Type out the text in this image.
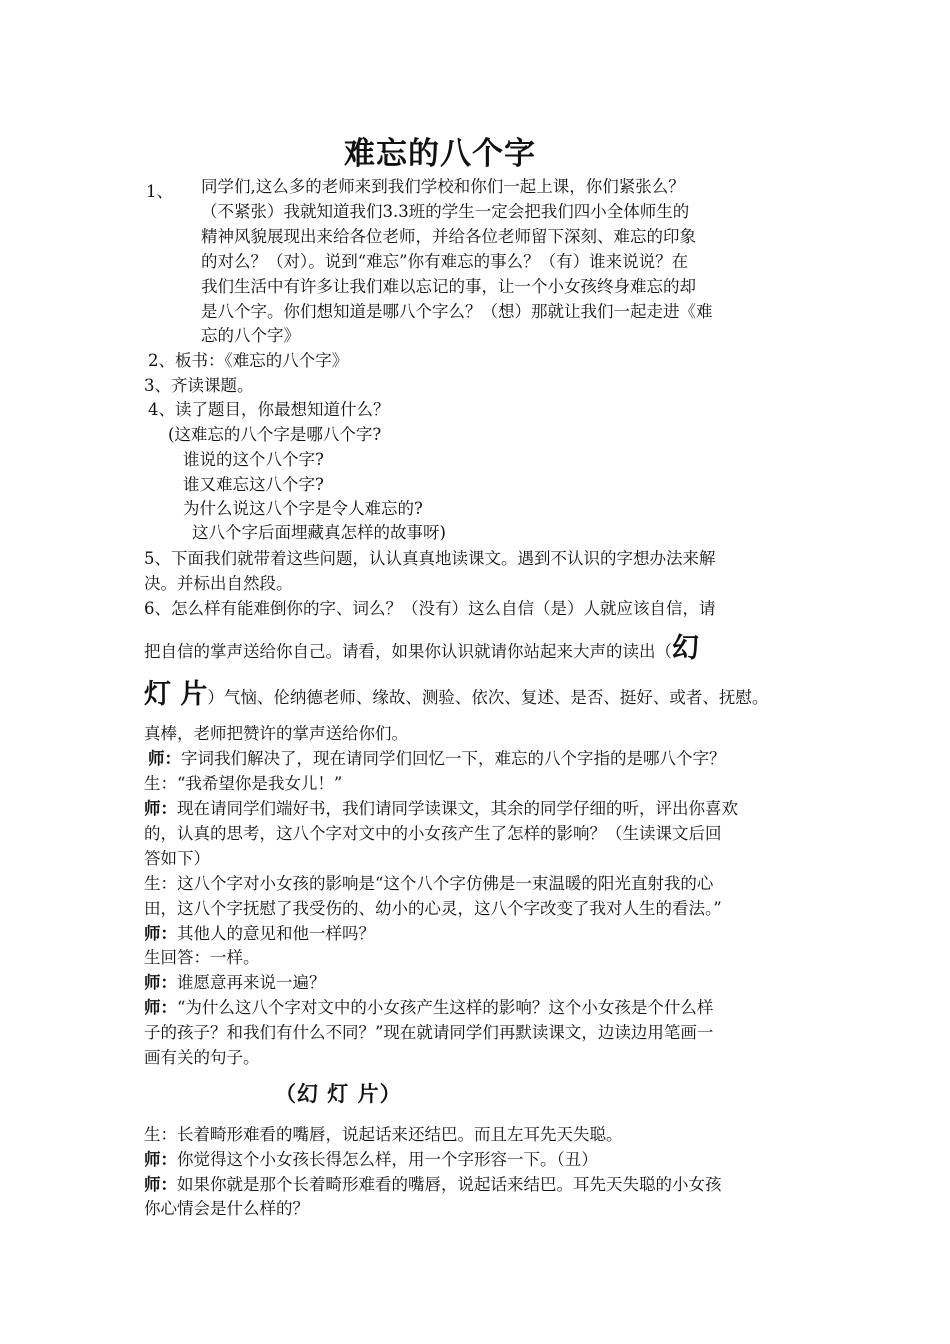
难忘的八个字
1、 同学们,这么多的老师来到我们学校和你们一起上课，你们紧张么？
（不紧张）我就知道我们3.3班的学生一定会把我们四小全体师生的
精神风貌展现出来给各位老师，并给各位老师留下深刻、难忘的印象
的对么？（对）。说到“难忘”你有难忘的事么？（有）谁来说说？在
我们生活中有许多让我们难以忘记的事，让一个小女孩终身难忘的却
是八个字。你们想知道是哪八个字么？（想）那就让我们一起走进《难
忘的八个字》
2、板书：《难忘的八个字》
3、齐读课题。
4、读了题目，你最想知道什么？
(这难忘的八个字是哪八个字?
谁说的这个八个字?
谁又难忘这八个字?
为什么说这八个字是令人难忘的?
这八个字后面埋藏真怎样的故事呀)
5、下面我们就带着这些问题，认认真真地读课文。遇到不认识的字想办法来解
决。并标出自然段。
6、怎么样有能难倒你的字、词么？（没有）这么自信（是）人就应该自信，请
把自信的掌声送给你自己。请看，如果你认识就请你站起来大声的读出（幻
灯 片）气恼、伦纳德老师、缘故、测验、依次、复述、是否、挺好、或者、抚慰。
真棒，老师把赞许的掌声送给你们。
师：字词我们解决了，现在请同学们回忆一下，难忘的八个字指的是哪八个字？
生：“我希望你是我女儿！”
师：现在请同学们端好书，我们请同学读课文，其余的同学仔细的听，评出你喜欢
的，认真的思考，这八个字对文中的小女孩产生了怎样的影响？（生读课文后回
答如下）
生：这八个字对小女孩的影响是“这个八个字仿佛是一束温暖的阳光直射我的心
田，这八个字抚慰了我受伤的、幼小的心灵，这八个字改变了我对人生的看法。”
师：其他人的意见和他一样吗？
生回答：一样。
师：谁愿意再来说一遍？
师：“为什么这八个字对文中的小女孩产生这样的影响？这个小女孩是个什么样
子的孩子？和我们有什么不同？”现在就请同学们再默读课文，边读边用笔画一
画有关的句子。
（幻 灯 片）
生：长着畸形难看的嘴唇，说起话来还结巴。而且左耳先天失聪。
师：你觉得这个小女孩长得怎么样，用一个字形容一下。（丑）
师：如果你就是那个长着畸形难看的嘴唇，说起话来结巴。耳先天失聪的小女孩
你心情会是什么样的？
